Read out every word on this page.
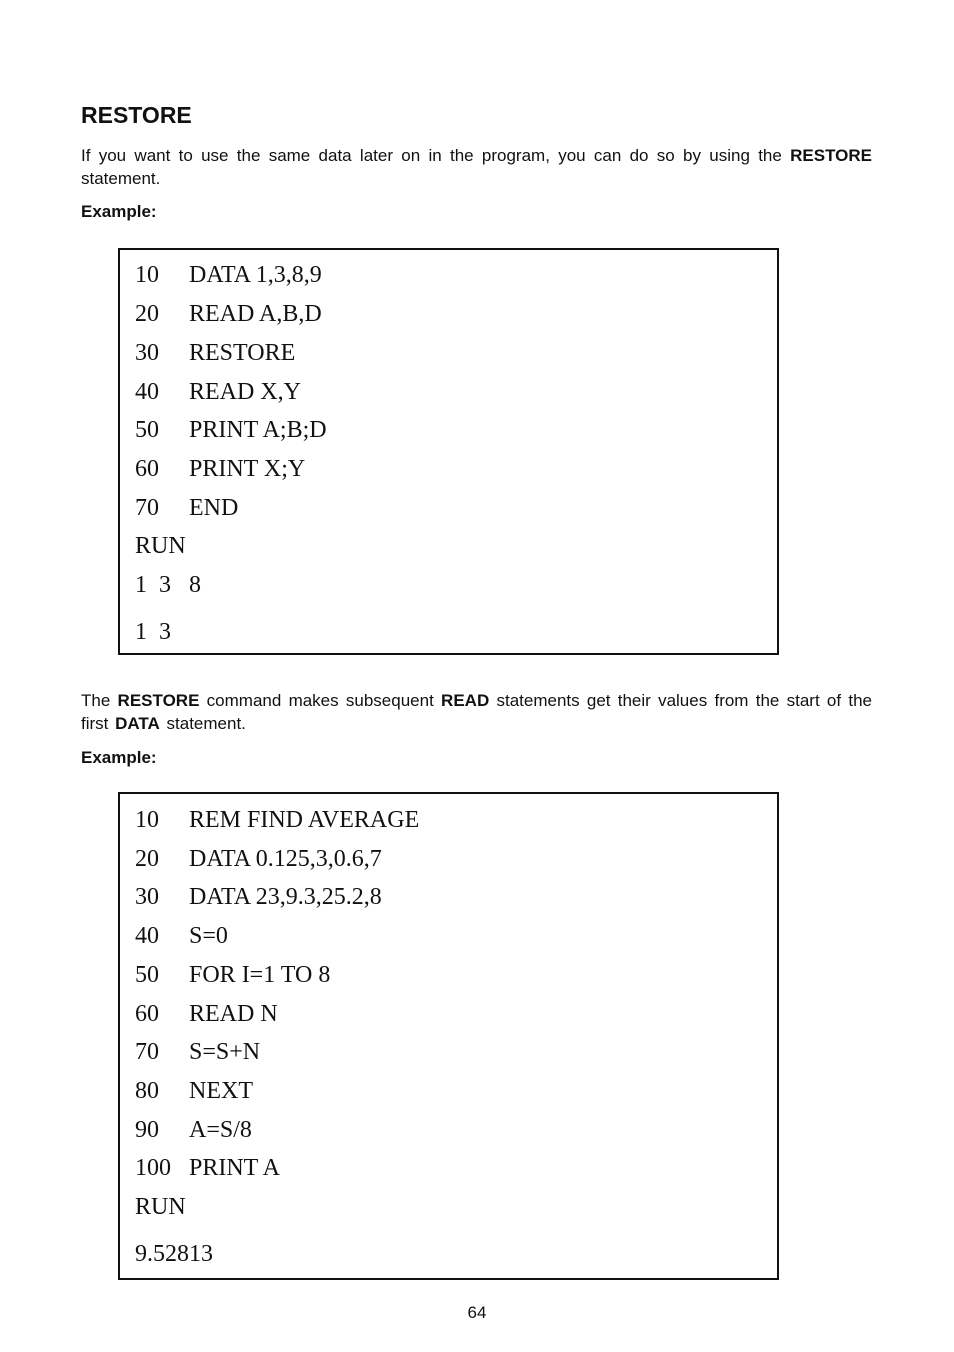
RESTORE

If you want to use the same data later on in the program, you can do so by using the RESTORE statement.

Example:

10 DATA 1,3,8,9
20 READ A,B,D
30 RESTORE
40 READ X,Y
50 PRINT A;B;D
60 PRINT X;Y
70 END
RUN
1  3   8
1  3

The RESTORE command makes subsequent READ statements get their values from the start of the first DATA statement.

Example:

10 REM FIND AVERAGE
20 DATA 0.125,3,0.6,7
30 DATA 23,9.3,25.2,8
40 S=0
50 FOR I=1 TO 8
60 READ N
70 S=S+N
80 NEXT
90 A=S/8
100 PRINT A
RUN
9.52813
64
